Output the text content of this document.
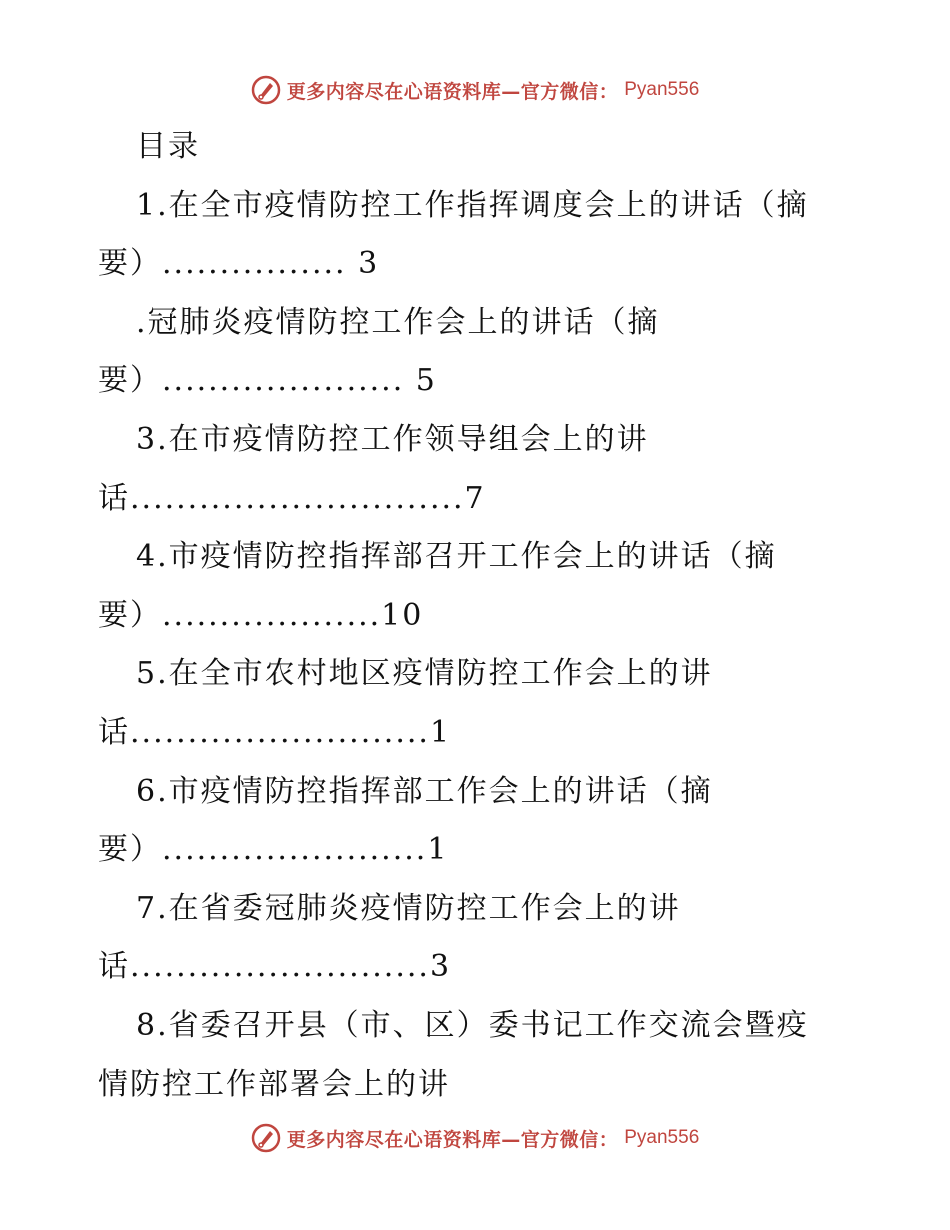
更多内容尽在心语资料库—官方微信： Pyan556
目录
1.在全市疫情防控工作指挥调度会上的讲话（摘
要）................ 3
.冠肺炎疫情防控工作会上的讲话（摘
要）..................... 5
3.在市疫情防控工作领导组会上的讲
话.............................7
4.市疫情防控指挥部召开工作会上的讲话（摘
要）...................10
5.在全市农村地区疫情防控工作会上的讲
话..........................1
6.市疫情防控指挥部工作会上的讲话（摘
要）.......................1
7.在省委冠肺炎疫情防控工作会上的讲
话..........................3
8.省委召开县（市、区）委书记工作交流会暨疫
情防控工作部署会上的讲
更多内容尽在心语资料库—官方微信： Pyan556
